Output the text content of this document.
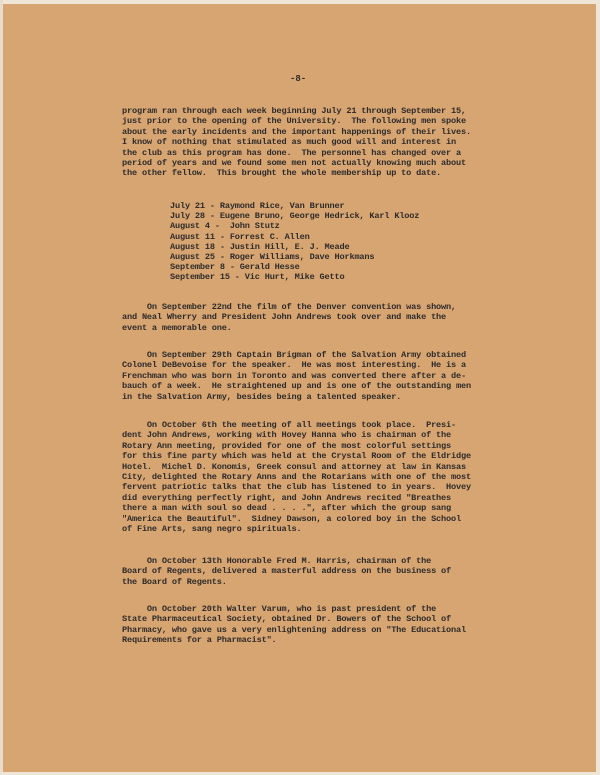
-8-
program ran through each week beginning July 21 through September 15,
just prior to the opening of the University.  The following men spoke
about the early incidents and the important happenings of their lives.
I know of nothing that stimulated as much good will and interest in
the club as this program has done.  The personnel has changed over a
period of years and we found some men not actually knowing much about
the other fellow.  This brought the whole membership up to date.
July 21 - Raymond Rice, Van Brunner
July 28 - Eugene Bruno, George Hedrick, Karl Klooz
August 4 -  John Stutz
August 11 - Forrest C. Allen
August 18 - Justin Hill, E. J. Meade
August 25 - Roger Williams, Dave Horkmans
September 8 - Gerald Hesse
September 15 - Vic Hurt, Mike Getto
On September 22nd the film of the Denver convention was shown,
and Neal Wherry and President John Andrews took over and make the
event a memorable one.
On September 29th Captain Brigman of the Salvation Army obtained
Colonel DeBevoise for the speaker.  He was most interesting.  He is a
Frenchman who was born in Toronto and was converted there after a de-
bauch of a week.  He straightened up and is one of the outstanding men
in the Salvation Army, besides being a talented speaker.
On October 6th the meeting of all meetings took place.  Presi-
dent John Andrews, working with Hovey Hanna who is chairman of the
Rotary Ann meeting, provided for one of the most colorful settings
for this fine party which was held at the Crystal Room of the Eldridge
Hotel.  Michel D. Konomis, Greek consul and attorney at law in Kansas
City, delighted the Rotary Anns and the Rotarians with one of the most
fervent patriotic talks that the club has listened to in years.  Hovey
did everything perfectly right, and John Andrews recited "Breathes
there a man with soul so dead . . . .", after which the group sang
"America the Beautiful".  Sidney Dawson, a colored boy in the School
of Fine Arts, sang negro spirituals.
On October 13th Honorable Fred M. Harris, chairman of the
Board of Regents, delivered a masterful address on the business of
the Board of Regents.
On October 20th Walter Varum, who is past president of the
State Pharmaceutical Society, obtained Dr. Bowers of the School of
Pharmacy, who gave us a very enlightening address on "The Educational
Requirements for a Pharmacist".
